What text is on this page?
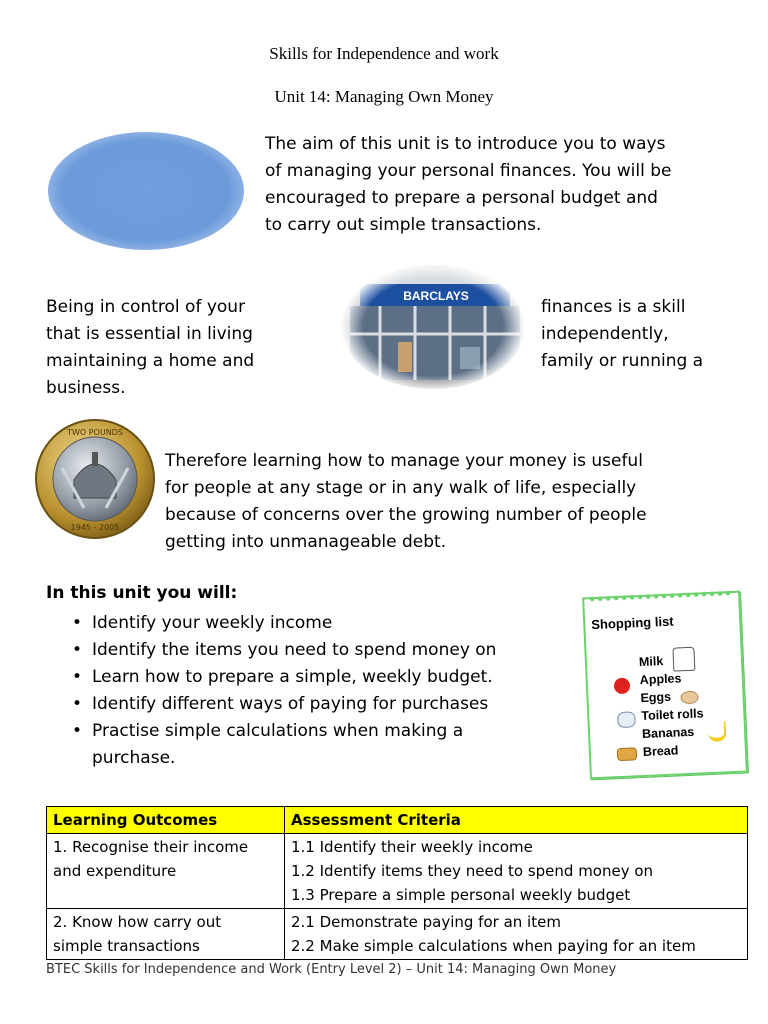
Skills for Independence and work
Unit 14: Managing Own Money
The aim of this unit is to introduce you to ways
of managing your personal finances. You will be
encouraged to prepare a personal budget and
to carry out simple transactions.
Being in control of your
that is essential in living
maintaining a home and
business.
finances is a skill
independently,
family or running a
TWO POUNDS
1945 - 2005
Therefore learning how to manage your money is useful
for people at any stage or in any walk of life, especially
because of concerns over the growing number of people
getting into unmanageable debt.
In this unit you will:
• Identify your weekly income
• Identify the items you need to spend money on
• Learn how to prepare a simple, weekly budget.
• Identify different ways of paying for purchases
• Practise simple calculations when making a
purchase.
Shopping list
Milk
Apples
Eggs
Toilet rolls
Bananas
Bread
Learning Outcomes	Assessment Criteria

1. Recognise their income
and expenditure	1.1 Identify their weekly income
1.2 Identify items they need to spend money on
1.3 Prepare a simple personal weekly budget

2. Know how carry out
simple transactions	2.1 Demonstrate paying for an item
2.2 Make simple calculations when paying for an item
BTEC Skills for Independence and Work (Entry Level 2) – Unit 14: Managing Own Money
